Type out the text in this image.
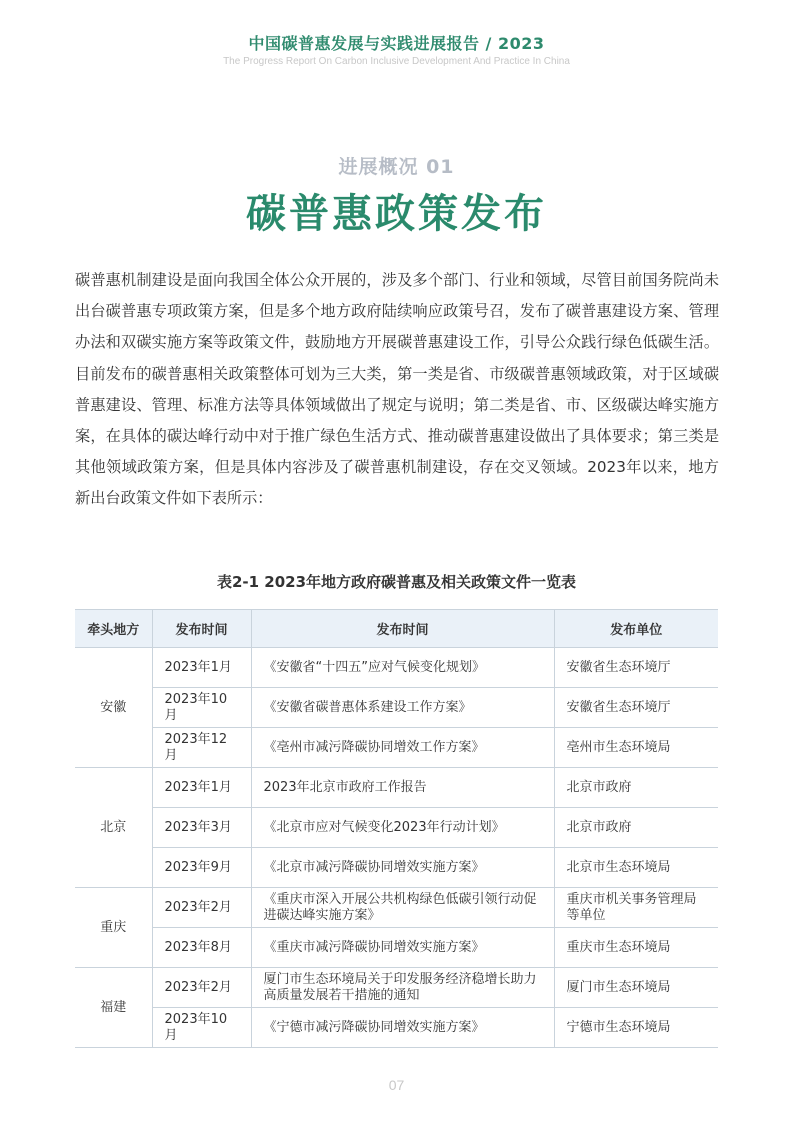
中国碳普惠发展与实践进展报告 / 2023
The Progress Report On Carbon Inclusive Development And Practice In China
进展概况 01
碳普惠政策发布

碳普惠机制建设是面向我国全体公众开展的，涉及多个部门、行业和领域，尽管目前国务院尚未出台碳普惠专项政策方案，但是多个地方政府陆续响应政策号召，发布了碳普惠建设方案、管理办法和双碳实施方案等政策文件，鼓励地方开展碳普惠建设工作，引导公众践行绿色低碳生活。目前发布的碳普惠相关政策整体可划为三大类，第一类是省、市级碳普惠领域政策，对于区域碳普惠建设、管理、标准方法等具体领域做出了规定与说明；第二类是省、市、区级碳达峰实施方案，在具体的碳达峰行动中对于推广绿色生活方式、推动碳普惠建设做出了具体要求；第三类是其他领域政策方案，但是具体内容涉及了碳普惠机制建设，存在交叉领域。2023年以来，地方新出台政策文件如下表所示：

表2-1 2023年地方政府碳普惠及相关政策文件一览表
牵头地方	发布时间	发布时间	发布单位
安徽	2023年1月	《安徽省“十四五”应对气候变化规划》	安徽省生态环境厅
	2023年10月	《安徽省碳普惠体系建设工作方案》	安徽省生态环境厅
	2023年12月	《亳州市减污降碳协同增效工作方案》	亳州市生态环境局
北京	2023年1月	2023年北京市政府工作报告	北京市政府
	2023年3月	《北京市应对气候变化2023年行动计划》	北京市政府
	2023年9月	《北京市减污降碳协同增效实施方案》	北京市生态环境局
重庆	2023年2月	《重庆市深入开展公共机构绿色低碳引领行动促进碳达峰实施方案》	重庆市机关事务管理局等单位
	2023年8月	《重庆市减污降碳协同增效实施方案》	重庆市生态环境局
福建	2023年2月	厦门市生态环境局关于印发服务经济稳增长助力高质量发展若干措施的通知	厦门市生态环境局
	2023年10月	《宁德市减污降碳协同增效实施方案》	宁德市生态环境局
07
